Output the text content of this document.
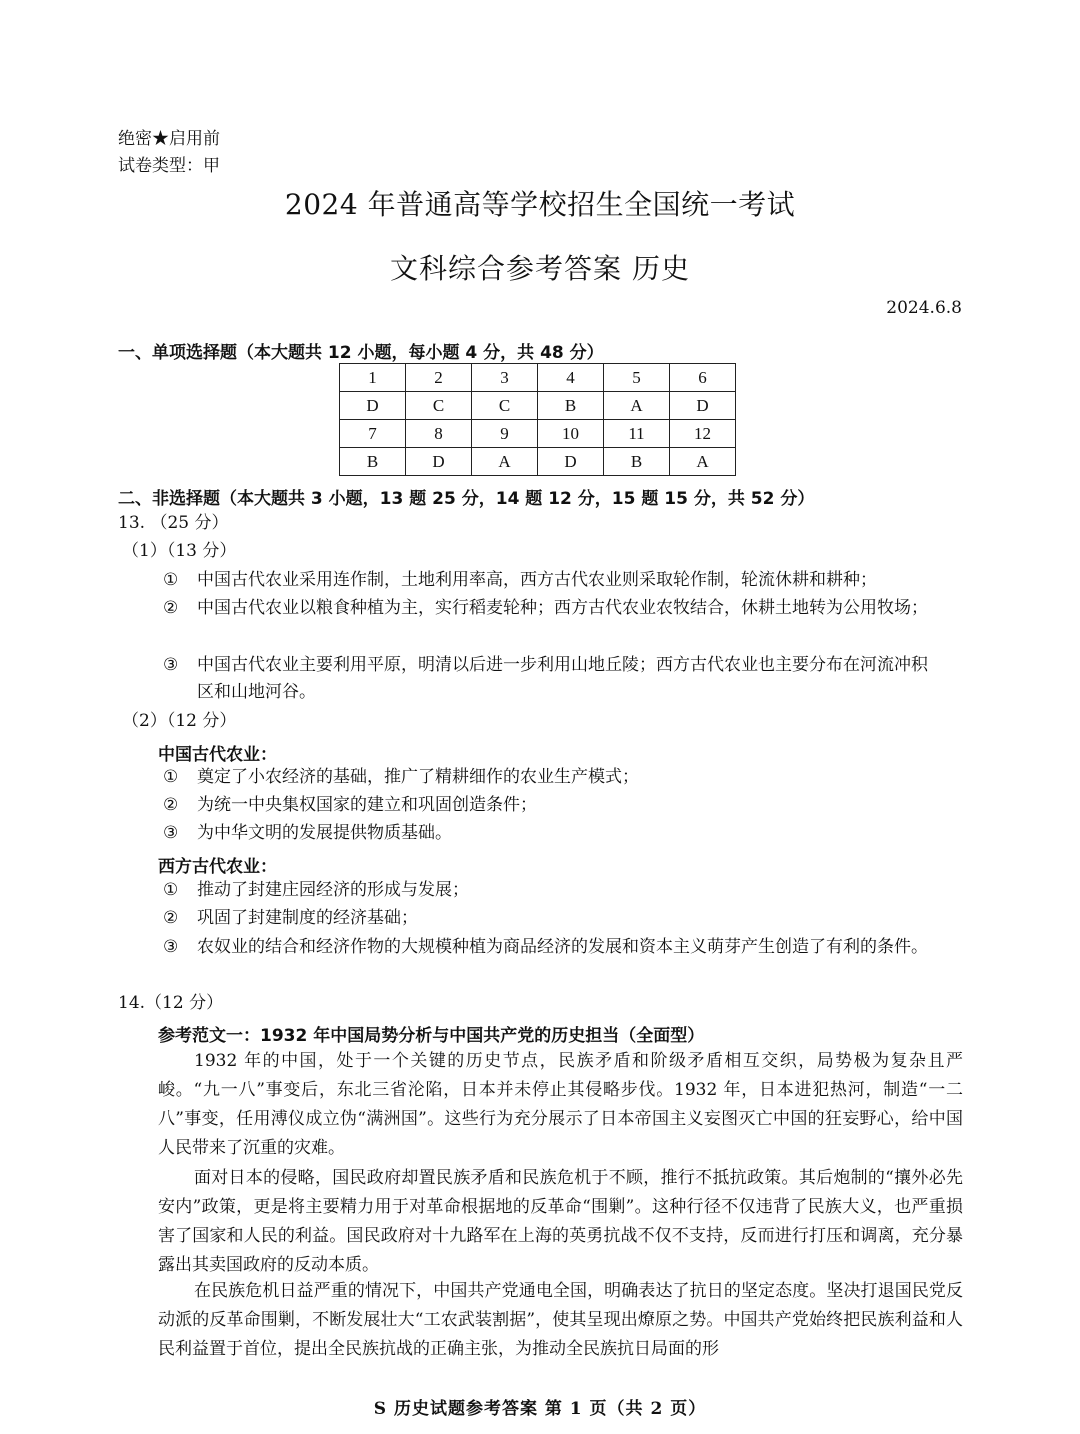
绝密★启用前
试卷类型：甲
2024 年普通高等学校招生全国统一考试
文科综合参考答案 历史
2024.6.8
一、单项选择题（本大题共 12 小题，每小题 4 分，共 48 分）
1	2	3	4	5	6
D	C	C	B	A	D
7	8	9	10	11	12
B	D	A	D	B	A
二、非选择题（本大题共 3 小题，13 题 25 分，14 题 12 分，15 题 15 分，共 52 分）
13. （25 分）
（1）（13 分）
① 中国古代农业采用连作制，土地利用率高，西方古代农业则采取轮作制，轮流休耕和耕种；
② 中国古代农业以粮食种植为主，实行稻麦轮种；西方古代农业农牧结合，休耕土地转为公用牧场；
③ 中国古代农业主要利用平原，明清以后进一步利用山地丘陵；西方古代农业也主要分布在河流冲积区和山地河谷。
（2）（12 分）
中国古代农业：
① 奠定了小农经济的基础，推广了精耕细作的农业生产模式；
② 为统一中央集权国家的建立和巩固创造条件；
③ 为中华文明的发展提供物质基础。
西方古代农业：
① 推动了封建庄园经济的形成与发展；
② 巩固了封建制度的经济基础；
③ 农奴业的结合和经济作物的大规模种植为商品经济的发展和资本主义萌芽产生创造了有利的条件。
14.（12 分）
参考范文一：1932 年中国局势分析与中国共产党的历史担当（全面型）
1932 年的中国，处于一个关键的历史节点，民族矛盾和阶级矛盾相互交织，局势极为复杂且严峻。“九一八”事变后，东北三省沦陷，日本并未停止其侵略步伐。1932 年，日本进犯热河，制造“一二八”事变，任用溥仪成立伪“满洲国”。这些行为充分展示了日本帝国主义妄图灭亡中国的狂妄野心，给中国人民带来了沉重的灾难。
面对日本的侵略，国民政府却置民族矛盾和民族危机于不顾，推行不抵抗政策。其后炮制的“攘外必先安内”政策，更是将主要精力用于对革命根据地的反革命“围剿”。这种行径不仅违背了民族大义，也严重损害了国家和人民的利益。国民政府对十九路军在上海的英勇抗战不仅不支持，反而进行打压和调离，充分暴露出其卖国政府的反动本质。
在民族危机日益严重的情况下，中国共产党通电全国，明确表达了抗日的坚定态度。坚决打退国民党反动派的反革命围剿，不断发展壮大“工农武装割据”，使其呈现出燎原之势。中国共产党始终把民族利益和人民利益置于首位，提出全民族抗战的正确主张，为推动全民族抗日局面的形
S 历史试题参考答案 第 1 页（共 2 页）
